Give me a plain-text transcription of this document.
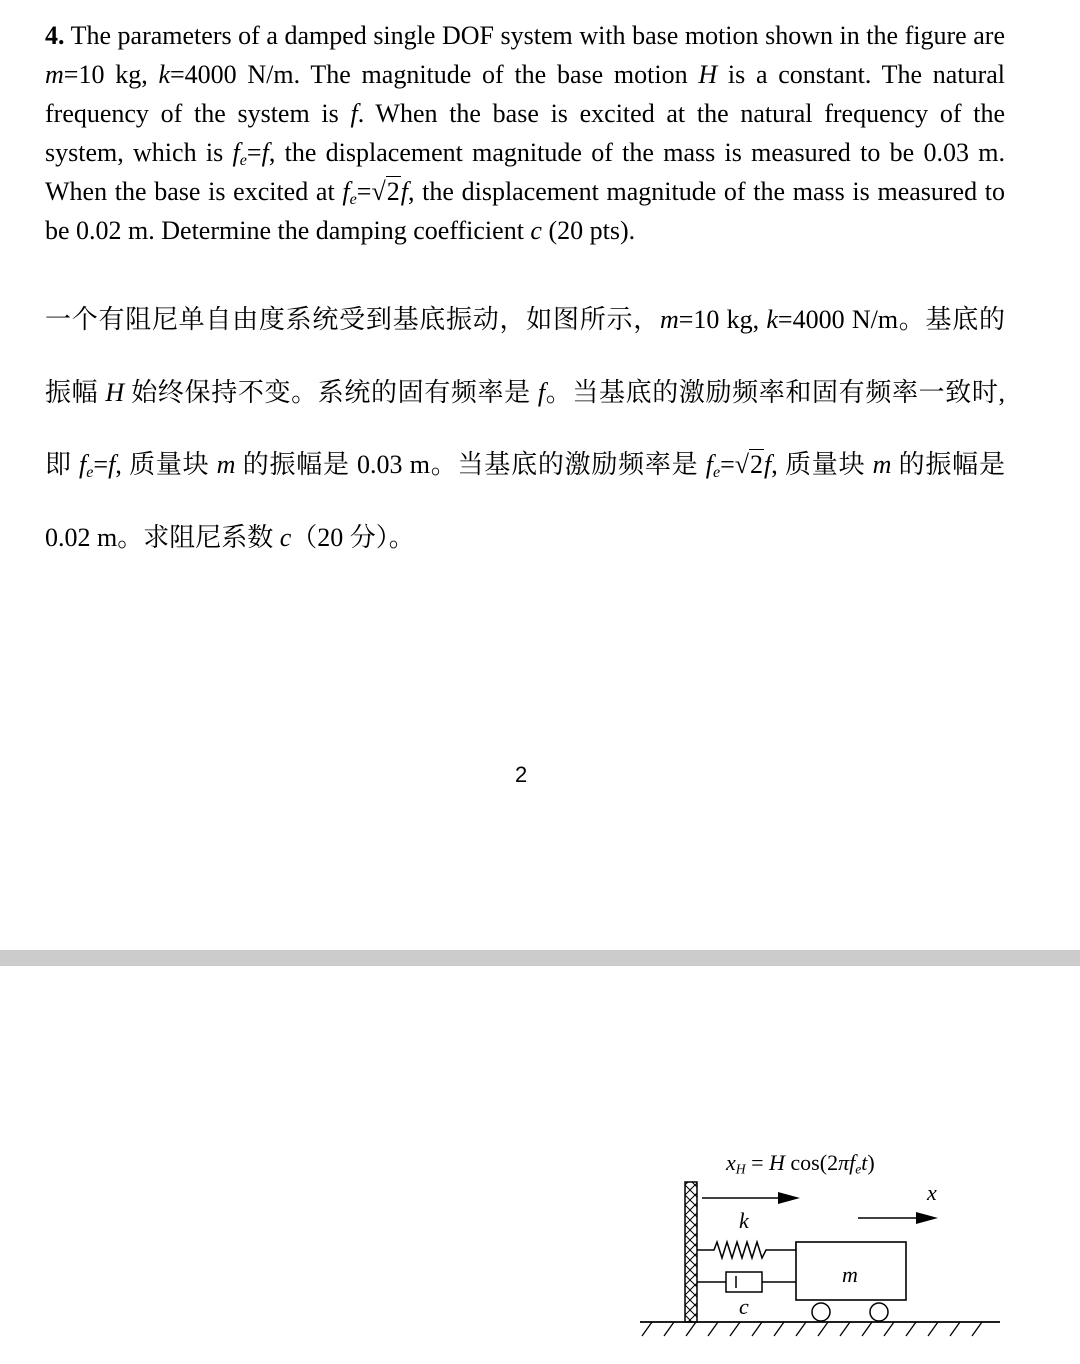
4. The parameters of a damped single DOF system with base motion shown in the figure are m=10 kg, k=4000 N/m. The magnitude of the base motion H is a constant. The natural frequency of the system is f. When the base is excited at the natural frequency of the system, which is $f_e=f$, the displacement magnitude of the mass is measured to be 0.03 m. When the base is excited at $f_e=√2f$, the displacement magnitude of the mass is measured to be 0.02 m. Determine the damping coefficient c (20 pts).
一个有阻尼单自由度系统受到基底振动，如图所示，m=10 kg, k=4000 N/m。基底的振幅 H 始终保持不变。系统的固有频率是 f。当基底的激励频率和固有频率一致时,即 $f_e=f$, 质量块 m 的振幅是 0.03 m。当基底的激励频率是 $f_e=√2f$, 质量块 m 的振幅是 0.02 m。求阻尼系数 c（20 分）。
2
$x_H = H$ $\cos(2\pi f_et)$
x
k
c
m
